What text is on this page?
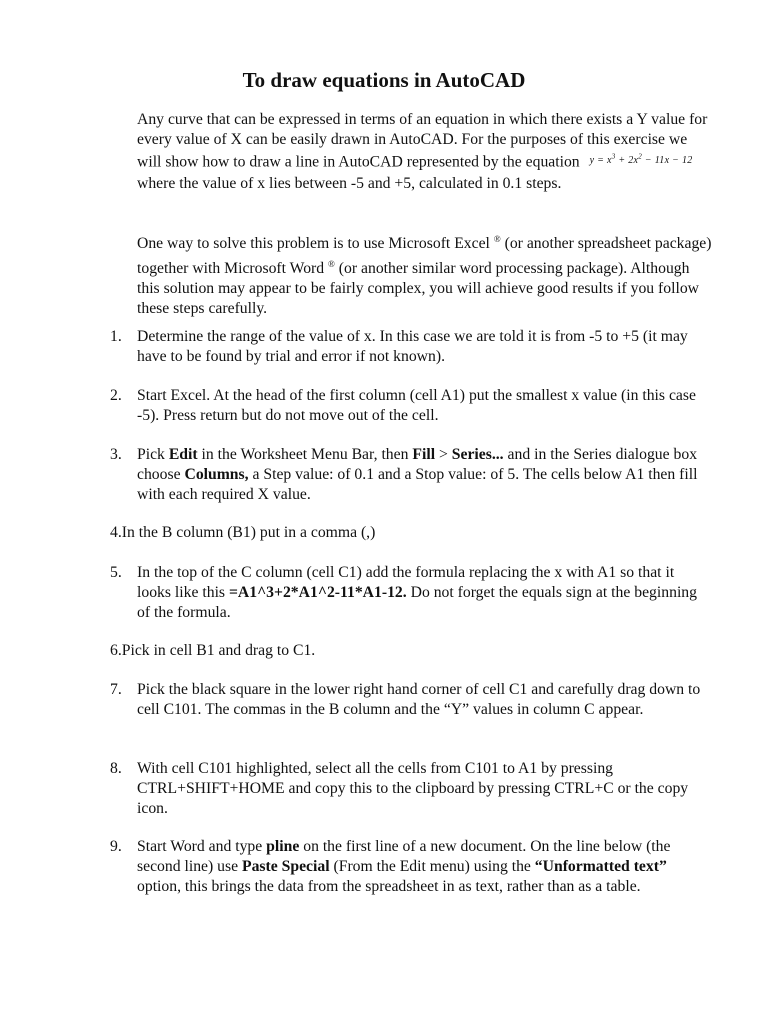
To draw equations in AutoCAD

Any curve that can be expressed in terms of an equation in which there exists a Y value for every value of X can be easily drawn in AutoCAD. For the purposes of this exercise we will show how to draw a line in AutoCAD represented by the equation $y = x^3 + 2x^2 - 11x - 12$ where the value of x lies between -5 and +5, calculated in 0.1 steps.

One way to solve this problem is to use Microsoft Excel ® (or another spreadsheet package) together with Microsoft Word ® (or another similar word processing package). Although this solution may appear to be fairly complex, you will achieve good results if you follow these steps carefully.

1. Determine the range of the value of x. In this case we are told it is from -5 to +5 (it may have to be found by trial and error if not known).
2. Start Excel. At the head of the first column (cell A1) put the smallest x value (in this case -5). Press return but do not move out of the cell.
3. Pick Edit in the Worksheet Menu Bar, then Fill > Series... and in the Series dialogue box choose Columns, a Step value: of 0.1 and a Stop value: of 5. The cells below A1 then fill with each required X value.
4.In the B column (B1) put in a comma (,)
5. In the top of the C column (cell C1) add the formula replacing the x with A1 so that it looks like this =A1^3+2*A1^2-11*A1-12. Do not forget the equals sign at the beginning of the formula.
6.Pick in cell B1 and drag to C1.
7. Pick the black square in the lower right hand corner of cell C1 and carefully drag down to cell C101. The commas in the B column and the “Y” values in column C appear.
8. With cell C101 highlighted, select all the cells from C101 to A1 by pressing CTRL+SHIFT+HOME and copy this to the clipboard by pressing CTRL+C or the copy icon.
9. Start Word and type pline on the first line of a new document. On the line below (the second line) use Paste Special (From the Edit menu) using the “Unformatted text” option, this brings the data from the spreadsheet in as text, rather than as a table.
